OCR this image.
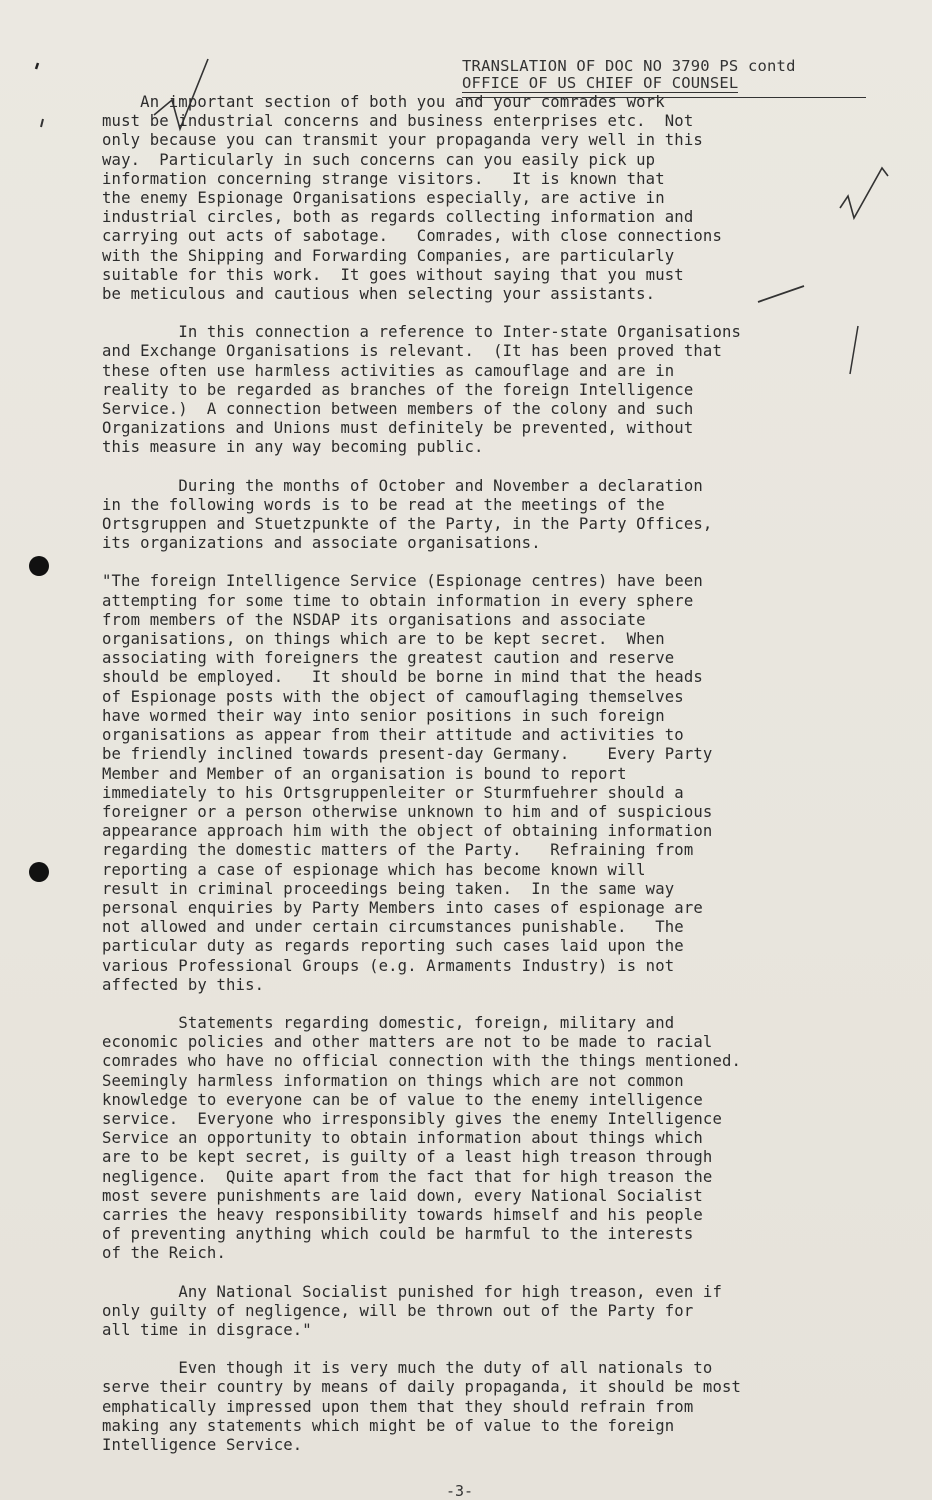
TRANSLATION OF DOC NO 3790 PS contd
OFFICE OF US CHIEF OF COUNSEL

An important section of both you and your comrades work
must be industrial concerns and business enterprises etc.  Not
only because you can transmit your propaganda very well in this
way.  Particularly in such concerns can you easily pick up
information concerning strange visitors.   It is known that
the enemy Espionage Organisations especially, are active in
industrial circles, both as regards collecting information and
carrying out acts of sabotage.   Comrades, with close connections
with the Shipping and Forwarding Companies, are particularly
suitable for this work.  It goes without saying that you must
be meticulous and cautious when selecting your assistants.

In this connection a reference to Inter-state Organisations
and Exchange Organisations is relevant.  (It has been proved that
these often use harmless activities as camouflage and are in
reality to be regarded as branches of the foreign Intelligence
Service.)  A connection between members of the colony and such
Organizations and Unions must definitely be prevented, without
this measure in any way becoming public.

During the months of October and November a declaration
in the following words is to be read at the meetings of the
Ortsgruppen and Stuetzpunkte of the Party, in the Party Offices,
its organizations and associate organisations.

"The foreign Intelligence Service (Espionage centres) have been
attempting for some time to obtain information in every sphere
from members of the NSDAP its organisations and associate
organisations, on things which are to be kept secret.  When
associating with foreigners the greatest caution and reserve
should be employed.   It should be borne in mind that the heads
of Espionage posts with the object of camouflaging themselves
have wormed their way into senior positions in such foreign
organisations as appear from their attitude and activities to
be friendly inclined towards present-day Germany.    Every Party
Member and Member of an organisation is bound to report
immediately to his Ortsgruppenleiter or Sturmfuehrer should a
foreigner or a person otherwise unknown to him and of suspicious
appearance approach him with the object of obtaining information
regarding the domestic matters of the Party.   Refraining from
reporting a case of espionage which has become known will
result in criminal proceedings being taken.  In the same way
personal enquiries by Party Members into cases of espionage are
not allowed and under certain circumstances punishable.   The
particular duty as regards reporting such cases laid upon the
various Professional Groups (e.g. Armaments Industry) is not
affected by this.

Statements regarding domestic, foreign, military and
economic policies and other matters are not to be made to racial
comrades who have no official connection with the things mentioned.
Seemingly harmless information on things which are not common
knowledge to everyone can be of value to the enemy intelligence
service.  Everyone who irresponsibly gives the enemy Intelligence
Service an opportunity to obtain information about things which
are to be kept secret, is guilty of a least high treason through
negligence.  Quite apart from the fact that for high treason the
most severe punishments are laid down, every National Socialist
carries the heavy responsibility towards himself and his people
of preventing anything which could be harmful to the interests
of the Reich.

Any National Socialist punished for high treason, even if
only guilty of negligence, will be thrown out of the Party for
all time in disgrace."

Even though it is very much the duty of all nationals to
serve their country by means of daily propaganda, it should be most
emphatically impressed upon them that they should refrain from
making any statements which might be of value to the foreign
Intelligence Service.

-3-
